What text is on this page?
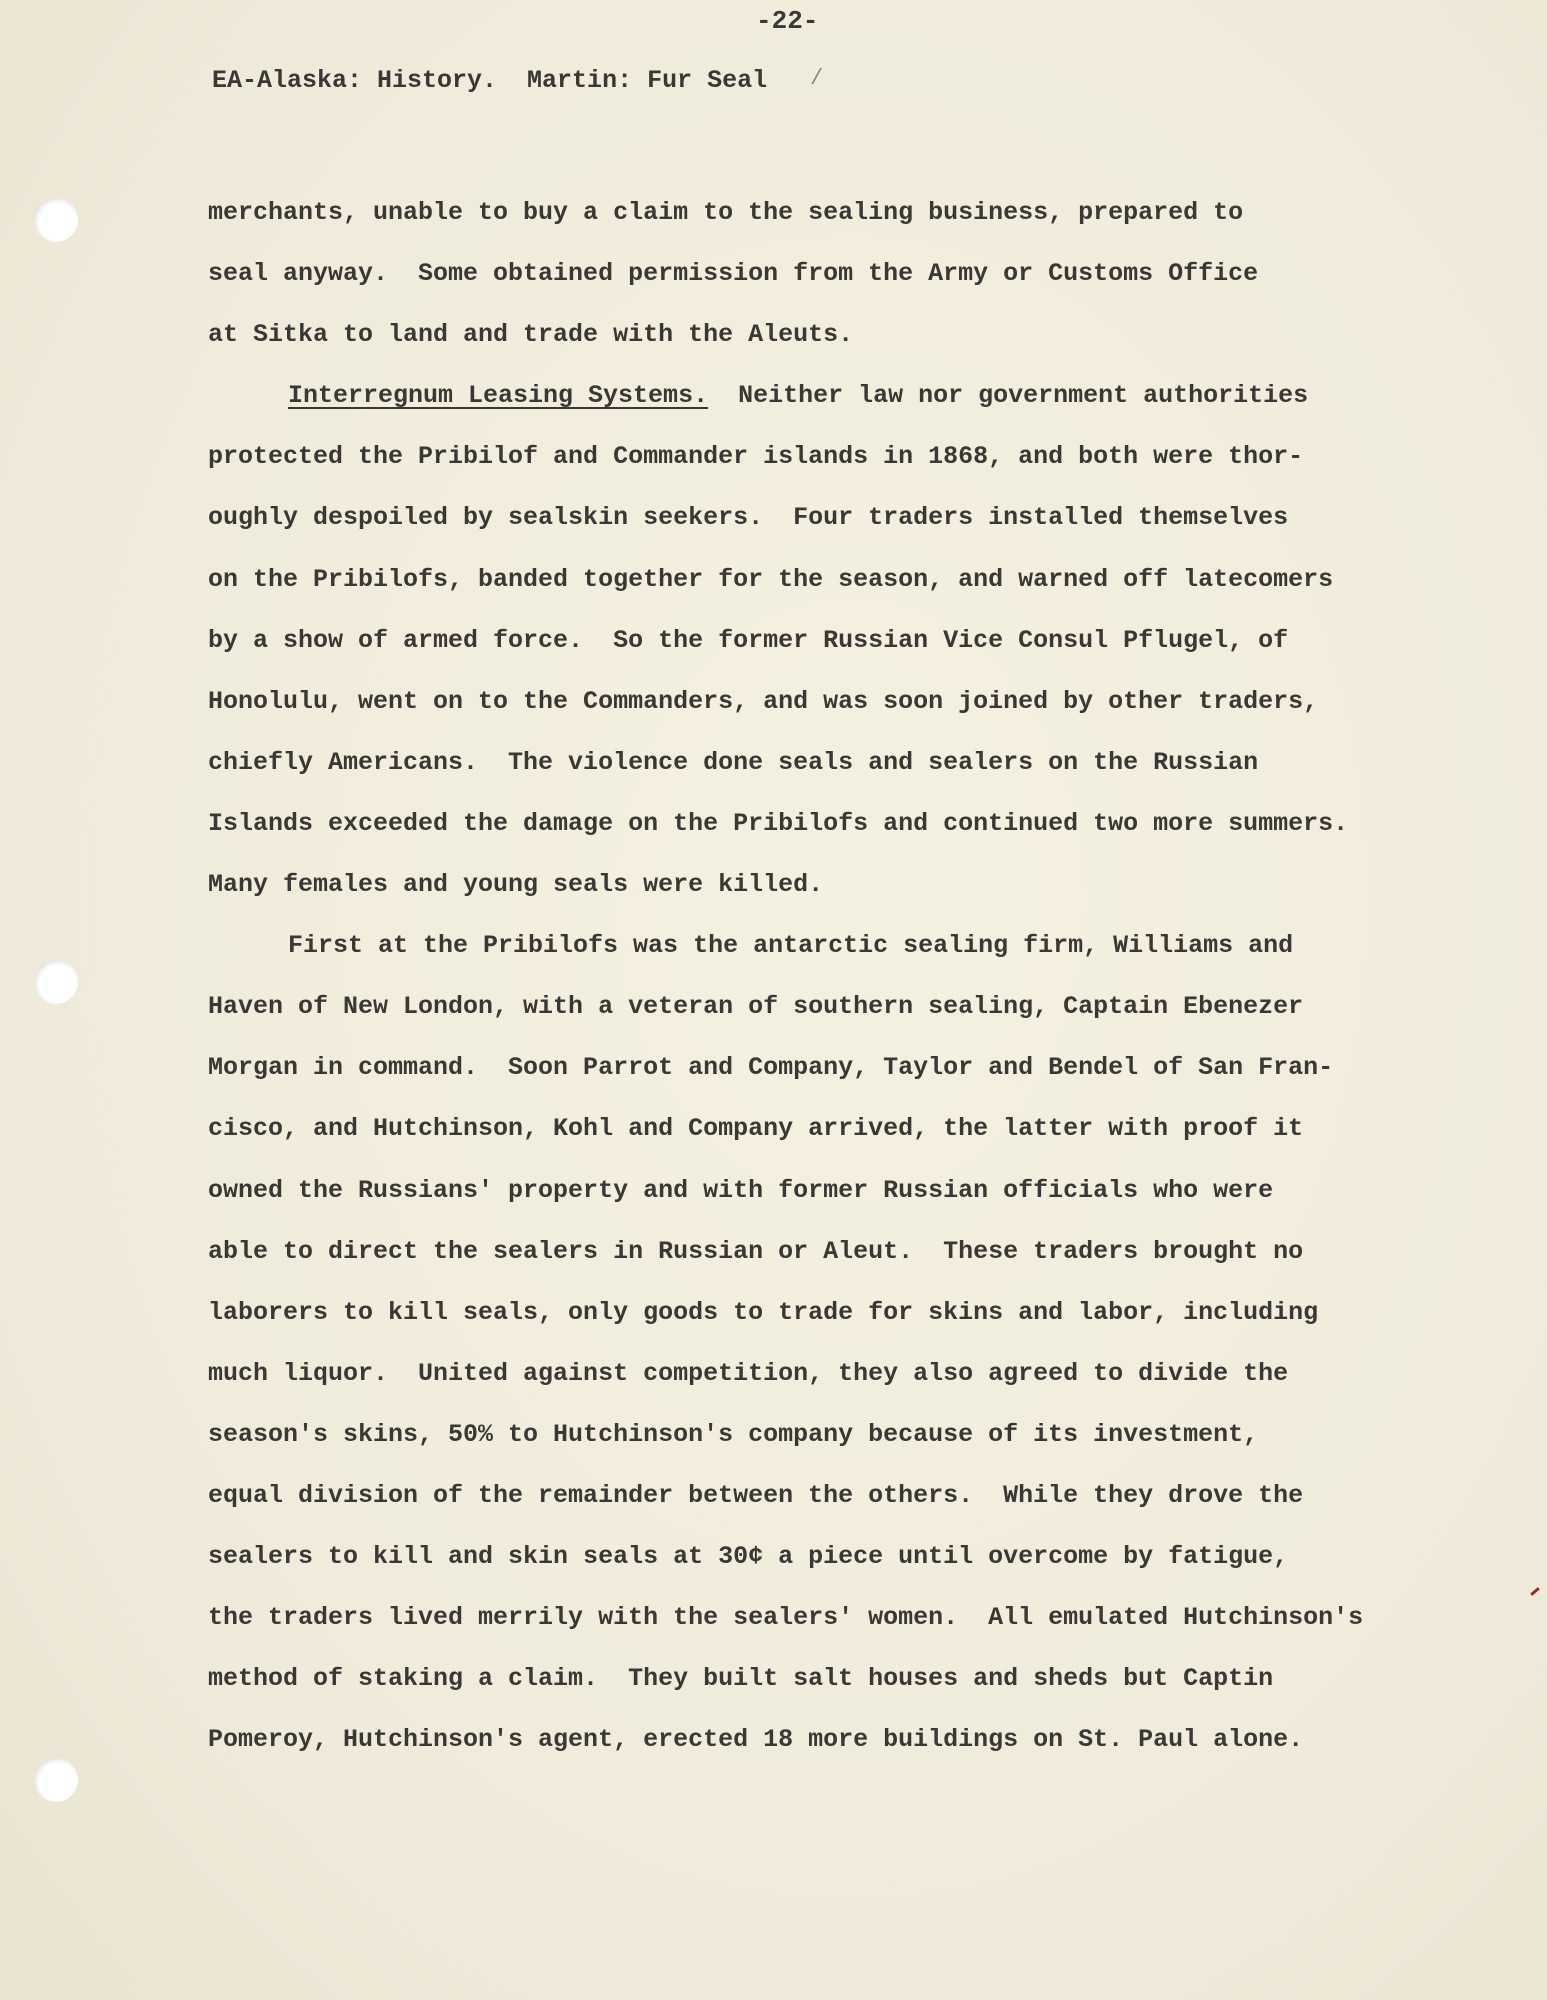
-22-
EA-Alaska: History.  Martin: Fur Seal /
merchants, unable to buy a claim to the sealing business, prepared to
seal anyway.  Some obtained permission from the Army or Customs Office
at Sitka to land and trade with the Aleuts.
Interregnum Leasing Systems. Neither law nor government authorities
protected the Pribilof and Commander islands in 1868, and both were thor-
oughly despoiled by sealskin seekers.  Four traders installed themselves
on the Pribilofs, banded together for the season, and warned off latecomers
by a show of armed force.  So the former Russian Vice Consul Pflugel, of
Honolulu, went on to the Commanders, and was soon joined by other traders,
chiefly Americans.  The violence done seals and sealers on the Russian
Islands exceeded the damage on the Pribilofs and continued two more summers.
Many females and young seals were killed.
First at the Pribilofs was the antarctic sealing firm, Williams and
Haven of New London, with a veteran of southern sealing, Captain Ebenezer
Morgan in command.  Soon Parrot and Company, Taylor and Bendel of San Fran-
cisco, and Hutchinson, Kohl and Company arrived, the latter with proof it
owned the Russians' property and with former Russian officials who were
able to direct the sealers in Russian or Aleut.  These traders brought no
laborers to kill seals, only goods to trade for skins and labor, including
much liquor.  United against competition, they also agreed to divide the
season's skins, 50% to Hutchinson's company because of its investment,
equal division of the remainder between the others.  While they drove the
sealers to kill and skin seals at 30¢ a piece until overcome by fatigue,
the traders lived merrily with the sealers' women.  All emulated Hutchinson's
method of staking a claim.  They built salt houses and sheds but Captin
Pomeroy, Hutchinson's agent, erected 18 more buildings on St. Paul alone.
